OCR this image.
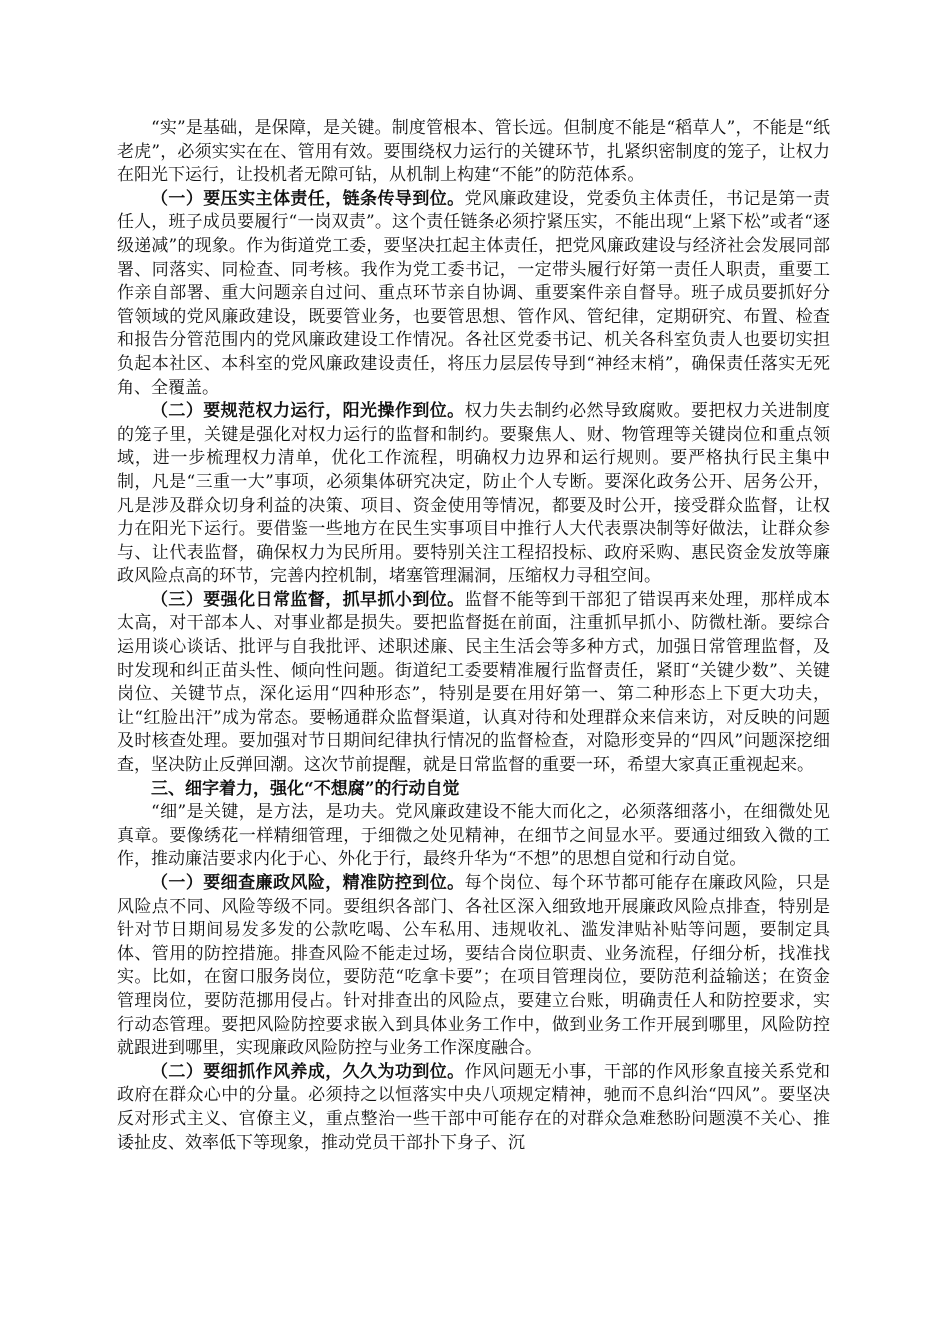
“实”是基础，是保障，是关键。制度管根本、管长远。但制度不能是“稻草人”，不能是“纸老虎”，必须实实在在、管用有效。要围绕权力运行的关键环节，扎紧织密制度的笼子，让权力在阳光下运行，让投机者无隙可钻，从机制上构建“不能”的防范体系。

（一）要压实主体责任，链条传导到位。党风廉政建设，党委负主体责任，书记是第一责任人，班子成员要履行“一岗双责”。这个责任链条必须拧紧压实，不能出现“上紧下松”或者“逐级递减”的现象。作为街道党工委，要坚决扛起主体责任，把党风廉政建设与经济社会发展同部署、同落实、同检查、同考核。我作为党工委书记，一定带头履行好第一责任人职责，重要工作亲自部署、重大问题亲自过问、重点环节亲自协调、重要案件亲自督导。班子成员要抓好分管领域的党风廉政建设，既要管业务，也要管思想、管作风、管纪律，定期研究、布置、检查和报告分管范围内的党风廉政建设工作情况。各社区党委书记、机关各科室负责人也要切实担负起本社区、本科室的党风廉政建设责任，将压力层层传导到“神经末梢”，确保责任落实无死角、全覆盖。

（二）要规范权力运行，阳光操作到位。权力失去制约必然导致腐败。要把权力关进制度的笼子里，关键是强化对权力运行的监督和制约。要聚焦人、财、物管理等关键岗位和重点领域，进一步梳理权力清单，优化工作流程，明确权力边界和运行规则。要严格执行民主集中制，凡是“三重一大”事项，必须集体研究决定，防止个人专断。要深化政务公开、居务公开，凡是涉及群众切身利益的决策、项目、资金使用等情况，都要及时公开，接受群众监督，让权力在阳光下运行。要借鉴一些地方在民生实事项目中推行人大代表票决制等好做法，让群众参与、让代表监督，确保权力为民所用。要特别关注工程招投标、政府采购、惠民资金发放等廉政风险点高的环节，完善内控机制，堵塞管理漏洞，压缩权力寻租空间。

（三）要强化日常监督，抓早抓小到位。监督不能等到干部犯了错误再来处理，那样成本太高，对干部本人、对事业都是损失。要把监督挺在前面，注重抓早抓小、防微杜渐。要综合运用谈心谈话、批评与自我批评、述职述廉、民主生活会等多种方式，加强日常管理监督，及时发现和纠正苗头性、倾向性问题。街道纪工委要精准履行监督责任，紧盯“关键少数”、关键岗位、关键节点，深化运用“四种形态”，特别是要在用好第一、第二种形态上下更大功夫，让“红脸出汗”成为常态。要畅通群众监督渠道，认真对待和处理群众来信来访，对反映的问题及时核查处理。要加强对节日期间纪律执行情况的监督检查，对隐形变异的“四风”问题深挖细查，坚决防止反弹回潮。这次节前提醒，就是日常监督的重要一环，希望大家真正重视起来。

三、细字着力，强化“不想腐”的行动自觉

“细”是关键，是方法，是功夫。党风廉政建设不能大而化之，必须落细落小，在细微处见真章。要像绣花一样精细管理，于细微之处见精神，在细节之间显水平。要通过细致入微的工作，推动廉洁要求内化于心、外化于行，最终升华为“不想”的思想自觉和行动自觉。

（一）要细查廉政风险，精准防控到位。每个岗位、每个环节都可能存在廉政风险，只是风险点不同、风险等级不同。要组织各部门、各社区深入细致地开展廉政风险点排查，特别是针对节日期间易发多发的公款吃喝、公车私用、违规收礼、滥发津贴补贴等问题，要制定具体、管用的防控措施。排查风险不能走过场，要结合岗位职责、业务流程，仔细分析，找准找实。比如，在窗口服务岗位，要防范“吃拿卡要”；在项目管理岗位，要防范利益输送；在资金管理岗位，要防范挪用侵占。针对排查出的风险点，要建立台账，明确责任人和防控要求，实行动态管理。要把风险防控要求嵌入到具体业务工作中，做到业务工作开展到哪里，风险防控就跟进到哪里，实现廉政风险防控与业务工作深度融合。

（二）要细抓作风养成，久久为功到位。作风问题无小事，干部的作风形象直接关系党和政府在群众心中的分量。必须持之以恒落实中央八项规定精神，驰而不息纠治“四风”。要坚决反对形式主义、官僚主义，重点整治一些干部中可能存在的对群众急难愁盼问题漠不关心、推诿扯皮、效率低下等现象，推动党员干部扑下身子、沉
